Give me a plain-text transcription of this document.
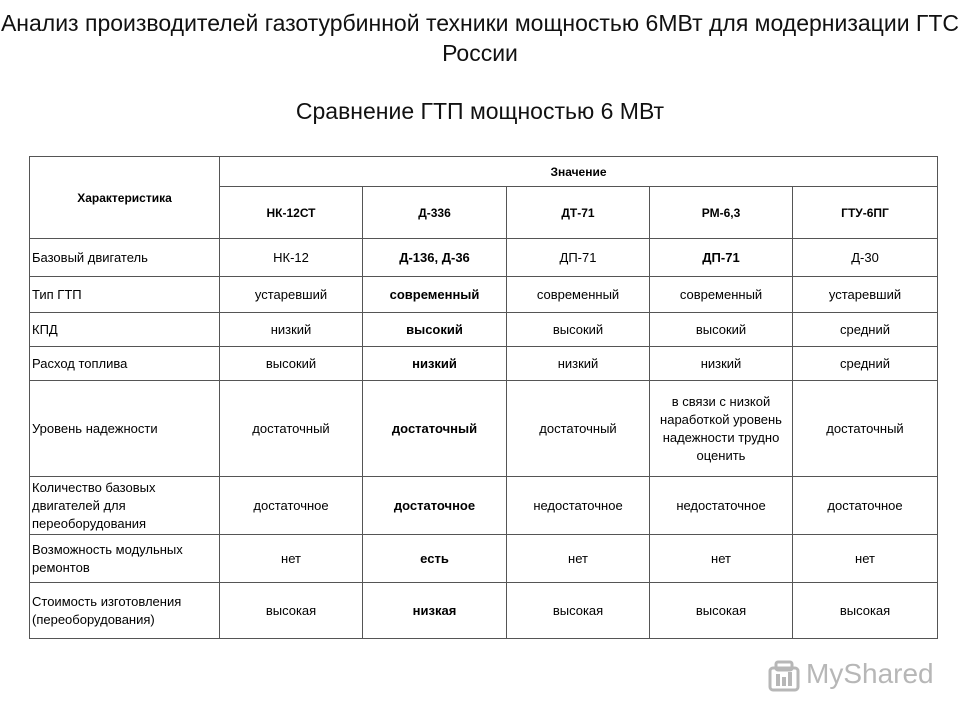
Анализ производителей газотурбинной техники мощностью 6МВт для модернизации ГТС России
Сравнение ГТП мощностью 6 МВт
Характеристика	Значение				
	НК-12СТ	Д-336	ДТ-71	РМ-6,3	ГТУ-6ПГ
Базовый двигатель	НК-12	Д-136, Д-36	ДП-71	ДП-71	Д-30
Тип ГТП	устаревший	современный	современный	современный	устаревший
КПД	низкий	высокий	высокий	высокий	средний
Расход топлива	высокий	низкий	низкий	низкий	средний
Уровень надежности	достаточный	достаточный	достаточный	в связи с низкой наработкой уровень надежности трудно оценить	достаточный
Количество базовых двигателей для переоборудования	достаточное	достаточное	недостаточное	недостаточное	достаточное
Возможность модульных ремонтов	нет	есть	нет	нет	нет
Стоимость изготовления (переоборудования)	высокая	низкая	высокая	высокая	высокая
MyShared
